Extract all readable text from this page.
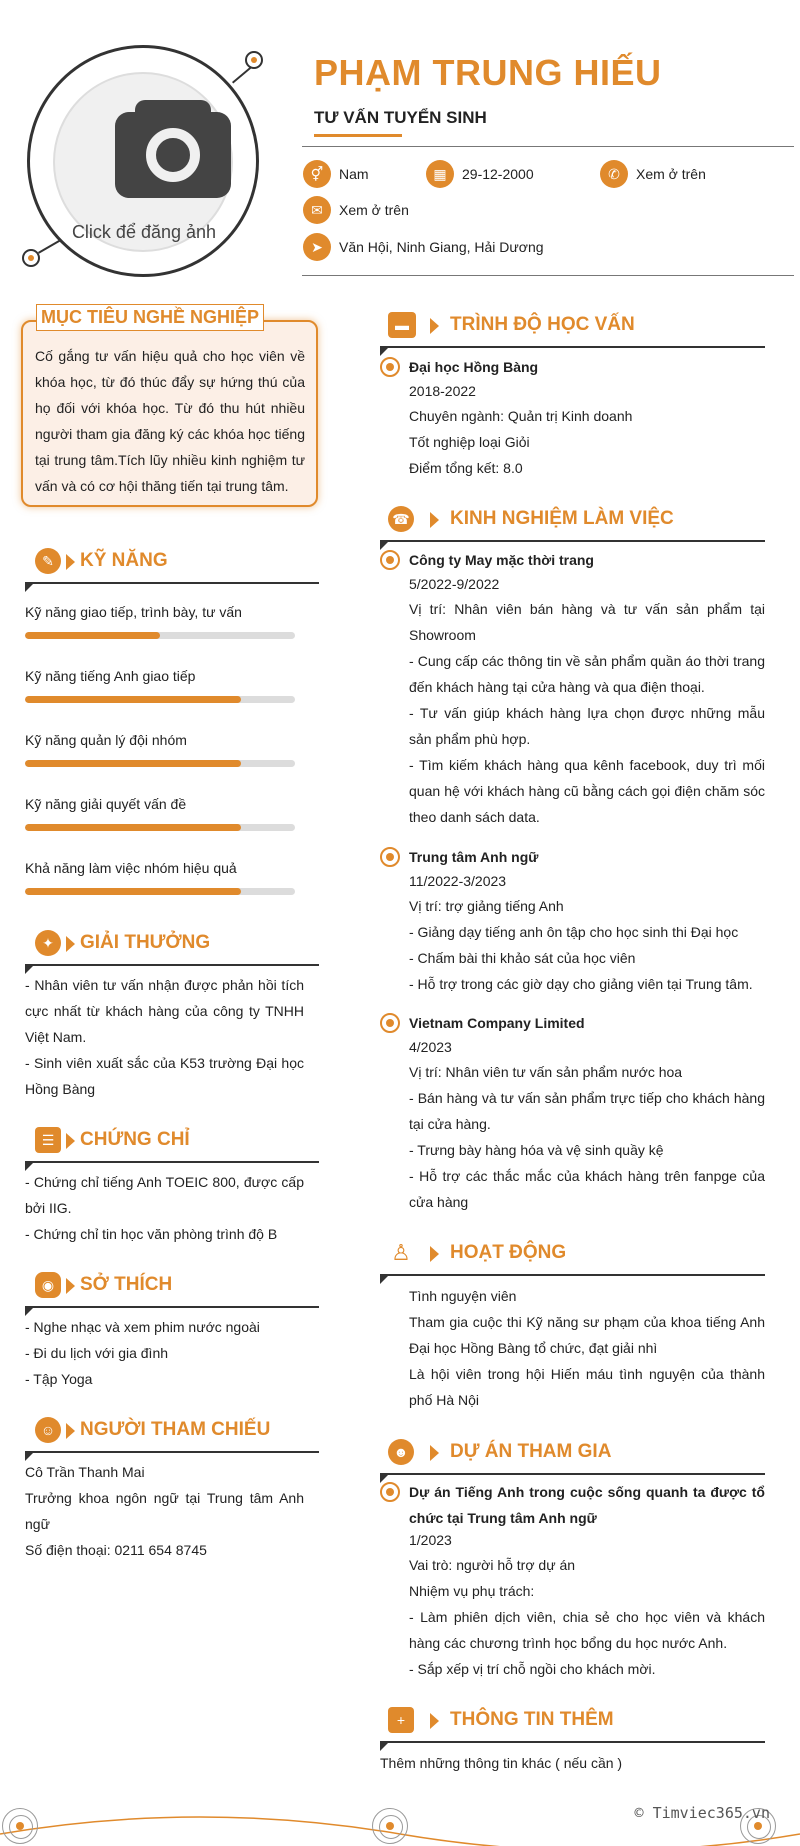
Click để đăng ảnh
PHẠM TRUNG HIẾU
TƯ VẤN TUYỂN SINH
⚥	Nam	▦	29-12-2000	✆	Xem ở trên
✉	Xem ở trên
➤	Văn Hội, Ninh Giang, Hải Dương
MỤC TIÊU NGHỀ NGHIỆP
Cố gắng tư vấn hiệu quả cho học viên về khóa học, từ đó thúc đẩy sự hứng thú của họ đối với khóa học. Từ đó thu hút nhiều người tham gia đăng ký các khóa học tiếng tại trung tâm.Tích lũy nhiều kinh nghiệm tư vấn và có cơ hội thăng tiến tại trung tâm.
✎	KỸ NĂNG
Kỹ năng giao tiếp, trình bày, tư vấn
Kỹ năng tiếng Anh giao tiếp
Kỹ năng quản lý đội nhóm
Kỹ năng giải quyết vấn đề
Khả năng làm việc nhóm hiệu quả
✦	GIẢI THƯỞNG
- Nhân viên tư vấn nhận được phản hồi tích cực nhất từ khách hàng của công ty TNHH Việt Nam.
- Sinh viên xuất sắc của K53 trường Đại học Hồng Bàng
☰	CHỨNG CHỈ
- Chứng chỉ tiếng Anh TOEIC 800, được cấp bởi IIG.
- Chứng chỉ tin học văn phòng trình độ B
◉	SỞ THÍCH
- Nghe nhạc và xem phim nước ngoài
- Đi du lịch với gia đình
- Tập Yoga
☺	NGƯỜI THAM CHIẾU
Cô Trần Thanh Mai
Trưởng khoa ngôn ngữ tại Trung tâm Anh ngữ
Số điện thoại: 0211 654 8745
▬	TRÌNH ĐỘ HỌC VẤN
Đại học Hồng Bàng
2018-2022
Chuyên ngành: Quản trị Kinh doanh
Tốt nghiệp loại Giỏi
Điểm tổng kết: 8.0
☎ KINH NGHIỆM LÀM VIỆC
Công ty May mặc thời trang
5/2022-9/2022
Vị trí: Nhân viên bán hàng và tư vấn sản phẩm tại Showroom
- Cung cấp các thông tin về sản phẩm quần áo thời trang đến khách hàng tại cửa hàng và qua điện thoại.
- Tư vấn giúp khách hàng lựa chọn được những mẫu sản phẩm phù hợp.
- Tìm kiếm khách hàng qua kênh facebook, duy trì mối quan hệ với khách hàng cũ bằng cách gọi điện chăm sóc theo danh sách data.
Trung tâm Anh ngữ
11/2022-3/2023
Vị trí: trợ giảng tiếng Anh
- Giảng dạy tiếng anh ôn tập cho học sinh thi Đại học
- Chấm bài thi khảo sát của học viên
- Hỗ trợ trong các giờ dạy cho giảng viên tại Trung tâm.
Vietnam Company Limited
4/2023
Vị trí: Nhân viên tư vấn sản phẩm nước hoa
- Bán hàng và tư vấn sản phẩm trực tiếp cho khách hàng tại cửa hàng.
- Trưng bày hàng hóa và vệ sinh quầy kệ
- Hỗ trợ các thắc mắc của khách hàng trên fanpge của cửa hàng
♙ HOẠT ĐỘNG
Tình nguyện viên
Tham gia cuộc thi Kỹ năng sư phạm của khoa tiếng Anh Đại học Hồng Bàng tổ chức, đạt giải nhì
Là hội viên trong hội Hiến máu tình nguyện của thành phố Hà Nội
☻ DỰ ÁN THAM GIA
Dự án Tiếng Anh trong cuộc sống quanh ta được tổ chức tại Trung tâm Anh ngữ
1/2023
Vai trò: người hỗ trợ dự án
Nhiệm vụ phụ trách:
- Làm phiên dịch viên, chia sẻ cho học viên và khách hàng các chương trình học bổng du học nước Anh.
- Sắp xếp vị trí chỗ ngồi cho khách mời.
+	THÔNG TIN THÊM
Thêm những thông tin khác ( nếu cần )
© Timviec365.vn
